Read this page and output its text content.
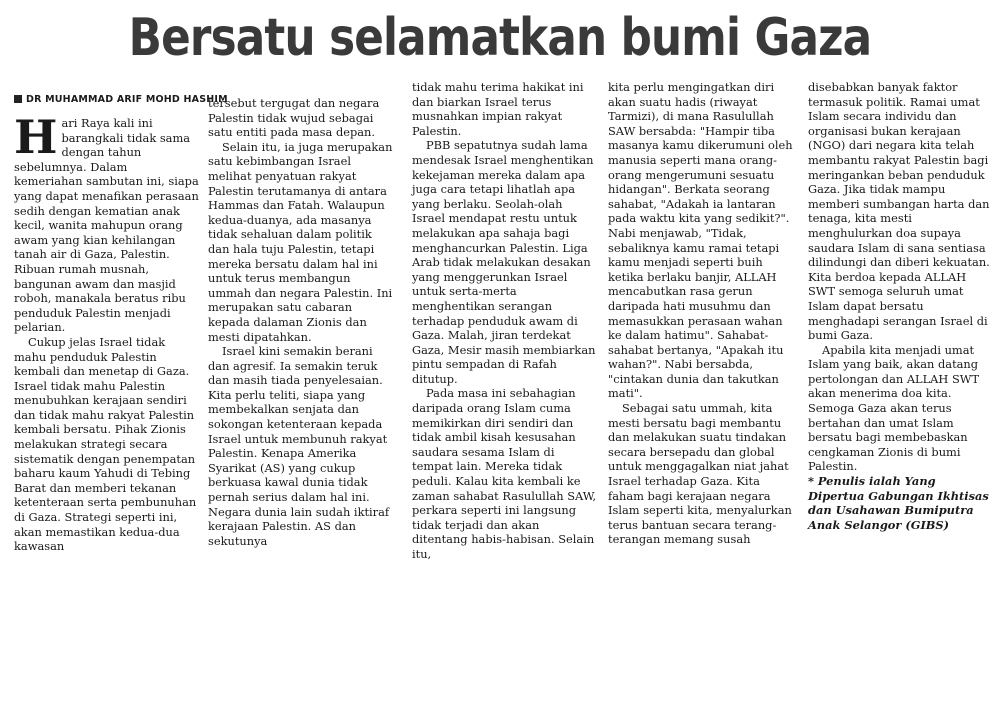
Bersatu selamatkan bumi Gaza
DR MUHAMMAD ARIF MOHD HASHIM

Hari Raya kali ini barangkali tidak sama dengan tahun sebelumnya. Dalam kemeriahan sambutan ini, siapa yang dapat menafikan perasaan sedih dengan kematian anak kecil, wanita mahupun orang awam yang kian kehilangan tanah air di Gaza, Palestin. Ribuan rumah musnah, bangunan awam dan masjid roboh, manakala beratus ribu penduduk Palestin menjadi pelarian.

Cukup jelas Israel tidak mahu penduduk Palestin kembali dan menetap di Gaza. Israel tidak mahu Palestin menubuhkan kerajaan sendiri dan tidak mahu rakyat Palestin kembali bersatu. Pihak Zionis melakukan strategi secara sistematik dengan penempatan baharu kaum Yahudi di Tebing Barat dan memberi tekanan ketenteraan serta pembunuhan di Gaza. Strategi seperti ini, akan memastikan kedua-dua kawasan

tersebut tergugat dan negara Palestin tidak wujud sebagai satu entiti pada masa depan.

Selain itu, ia juga merupakan satu kebimbangan Israel melihat penyatuan rakyat Palestin terutamanya di antara Hammas dan Fatah. Walaupun kedua-duanya, ada masanya tidak sehaluan dalam politik dan hala tuju Palestin, tetapi mereka bersatu dalam hal ini untuk terus membangun ummah dan negara Palestin. Ini merupakan satu cabaran kepada dalaman Zionis dan mesti dipatahkan.

Israel kini semakin berani dan agresif. Ia semakin teruk dan masih tiada penyelesaian. Kita perlu teliti, siapa yang membekalkan senjata dan sokongan ketenteraan kepada Israel untuk membunuh rakyat Palestin. Kenapa Amerika Syarikat (AS) yang cukup berkuasa kawal dunia tidak pernah serius dalam hal ini. Negara dunia lain sudah iktiraf kerajaan Palestin. AS dan sekutunya

tidak mahu terima hakikat ini dan biarkan Israel terus musnahkan impian rakyat Palestin.

PBB sepatutnya sudah lama mendesak Israel menghentikan kekejaman mereka dalam apa juga cara tetapi lihatlah apa yang berlaku. Seolah-olah Israel mendapat restu untuk melakukan apa sahaja bagi menghancurkan Palestin. Liga Arab tidak melakukan desakan yang menggerunkan Israel untuk serta-merta menghentikan serangan terhadap penduduk awam di Gaza. Malah, jiran terdekat Gaza, Mesir masih membiarkan pintu sempadan di Rafah ditutup.

Pada masa ini sebahagian daripada orang Islam cuma memikirkan diri sendiri dan tidak ambil kisah kesusahan saudara sesama Islam di tempat lain. Mereka tidak peduli. Kalau kita kembali ke zaman sahabat Rasulullah SAW, perkara seperti ini langsung tidak terjadi dan akan ditentang habis-habisan. Selain itu,

kita perlu mengingatkan diri akan suatu hadis (riwayat Tarmizi), di mana Rasulullah SAW bersabda: "Hampir tiba masanya kamu dikerumuni oleh manusia seperti mana orang-orang mengerumuni sesuatu hidangan". Berkata seorang sahabat, "Adakah ia lantaran pada waktu kita yang sedikit?". Nabi menjawab, "Tidak, sebaliknya kamu ramai tetapi kamu menjadi seperti buih ketika berlaku banjir, ALLAH mencabutkan rasa gerun daripada hati musuhmu dan memasukkan perasaan wahan ke dalam hatimu". Sahabat-sahabat bertanya, "Apakah itu wahan?". Nabi bersabda, "cintakan dunia dan takutkan mati".

Sebagai satu ummah, kita mesti bersatu bagi membantu dan melakukan suatu tindakan secara bersepadu dan global untuk menggagalkan niat jahat Israel terhadap Gaza. Kita faham bagi kerajaan negara Islam seperti kita, menyalurkan terus bantuan secara terang-terangan memang susah

disebabkan banyak faktor termasuk politik. Ramai umat Islam secara individu dan organisasi bukan kerajaan (NGO) dari negara kita telah membantu rakyat Palestin bagi meringankan beban penduduk Gaza. Jika tidak mampu memberi sumbangan harta dan tenaga, kita mesti menghulurkan doa supaya saudara Islam di sana sentiasa dilindungi dan diberi kekuatan. Kita berdoa kepada ALLAH SWT semoga seluruh umat Islam dapat bersatu menghadapi serangan Israel di bumi Gaza.

Apabila kita menjadi umat Islam yang baik, akan datang pertolongan dan ALLAH SWT akan menerima doa kita. Semoga Gaza akan terus bertahan dan umat Islam bersatu bagi membebaskan cengkaman Zionis di bumi Palestin.

* Penulis ialah Yang Dipertua Gabungan Ikhtisas dan Usahawan Bumiputra Anak Selangor (GIBS)
